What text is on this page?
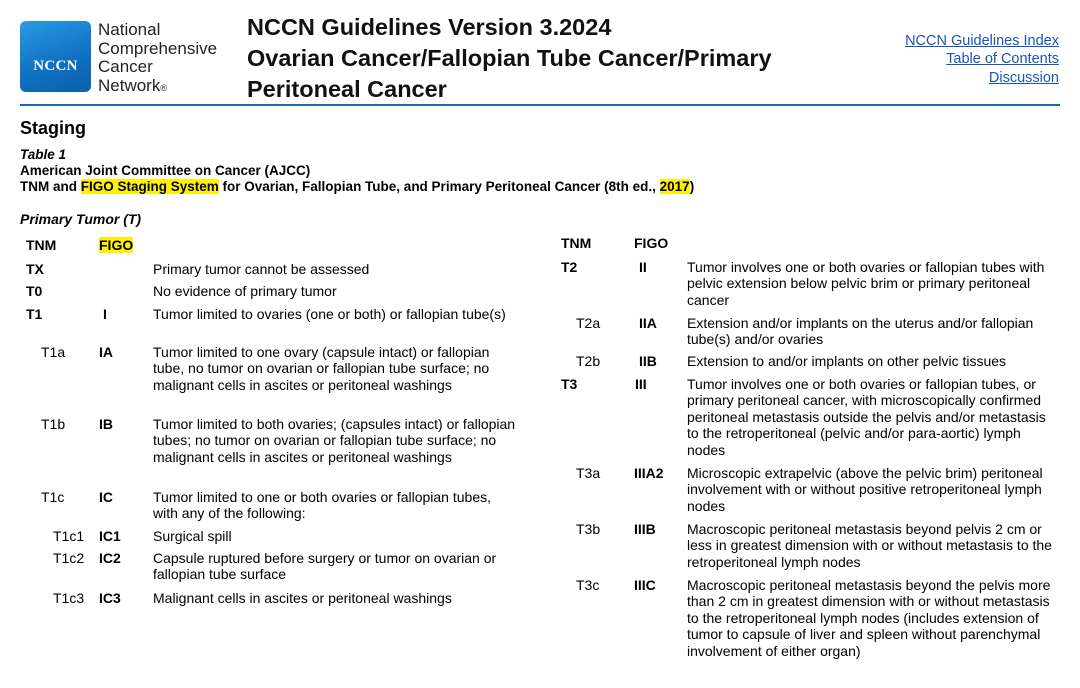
NCCN
National
Comprehensive
Cancer
Network®
NCCN Guidelines Version 3.2024
Ovarian Cancer/Fallopian Tube Cancer/Primary
Peritoneal Cancer
NCCN Guidelines Index
Table of Contents
Discussion
Staging
Table 1
American Joint Committee on Cancer (AJCC)
TNM and FIGO Staging System for Ovarian, Fallopian Tube, and Primary Peritoneal Cancer (8th ed., 2017)
Primary Tumor (T)
TNM	FIGO
TX	Primary tumor cannot be assessed
T0	No evidence of primary tumor
T1	I	Tumor limited to ovaries (one or both) or fallopian tube(s)
T1a IA	Tumor limited to one ovary (capsule intact) or fallopian tube, no tumor on ovarian or fallopian tube surface; no malignant cells in ascites or peritoneal washings
T1b IB	Tumor limited to both ovaries; (capsules intact) or fallopian tubes; no tumor on ovarian or fallopian tube surface; no malignant cells in ascites or peritoneal washings
T1c IC	Tumor limited to one or both ovaries or fallopian tubes, with any of the following:
T1c1 IC1 Surgical spill
T1c2 IC2 Capsule ruptured before surgery or tumor on ovarian or fallopian tube surface
T1c3 IC3 Malignant cells in ascites or peritoneal washings
TNM	FIGO
T2	II	Tumor involves one or both ovaries or fallopian tubes with pelvic extension below pelvic brim or primary peritoneal cancer
T2a	IIA Extension and/or implants on the uterus and/or fallopian tube(s) and/or ovaries
T2b	IIB Extension to and/or implants on other pelvic tissues
T3	III	Tumor involves one or both ovaries or fallopian tubes, or primary peritoneal cancer, with microscopically confirmed peritoneal metastasis outside the pelvis and/or metastasis to the retroperitoneal (pelvic and/or para-aortic) lymph nodes
T3a IIIA2 Microscopic extrapelvic (above the pelvic brim) peritoneal involvement with or without positive retroperitoneal lymph nodes
T3b IIIB Macroscopic peritoneal metastasis beyond pelvis 2 cm or less in greatest dimension with or without metastasis to the retroperitoneal lymph nodes
T3c IIIC Macroscopic peritoneal metastasis beyond the pelvis more than 2 cm in greatest dimension with or without metastasis to the retroperitoneal lymph nodes (includes extension of tumor to capsule of liver and spleen without parenchymal involvement of either organ)
